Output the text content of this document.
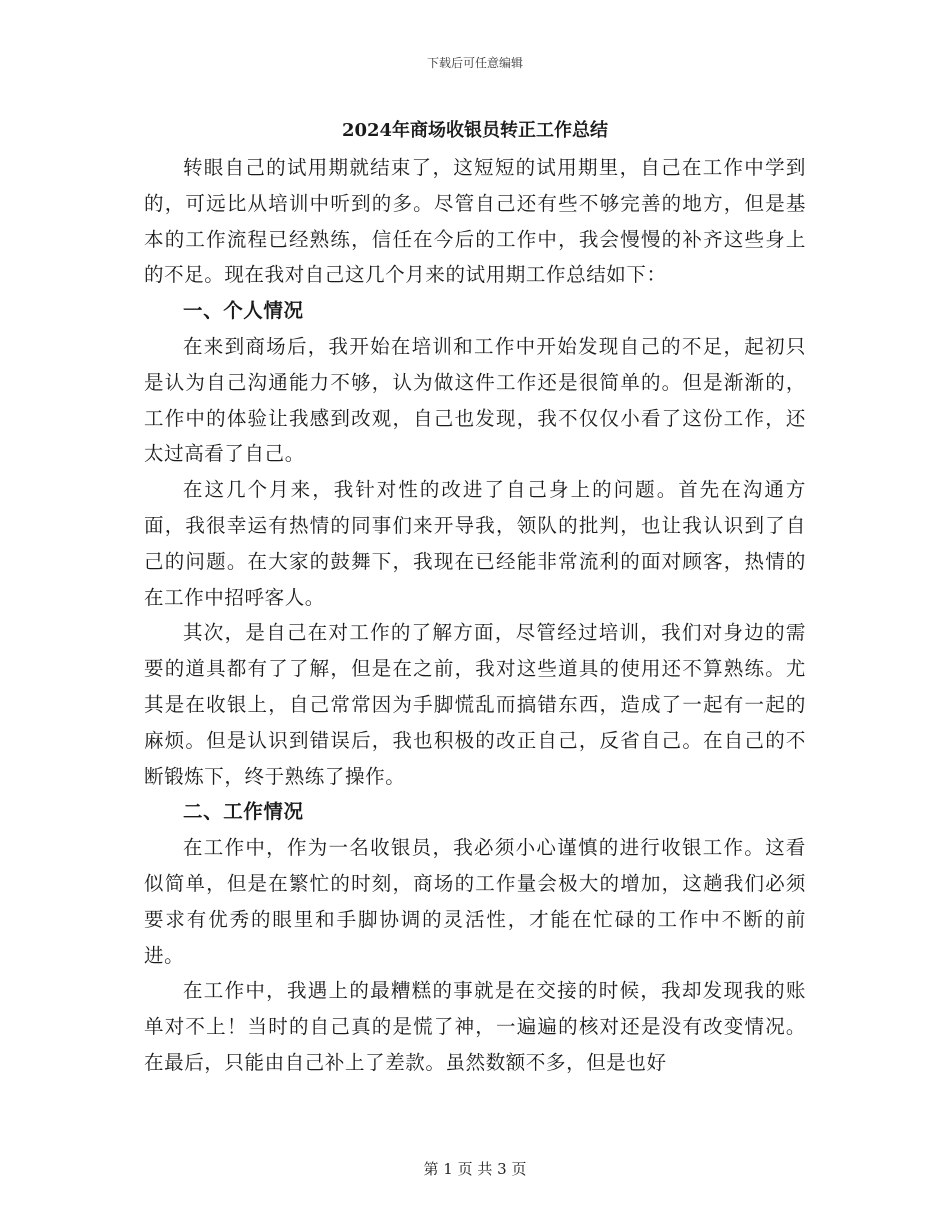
下载后可任意编辑
2024年商场收银员转正工作总结

转眼自己的试用期就结束了，这短短的试用期里，自己在工作中学到的，可远比从培训中听到的多。尽管自己还有些不够完善的地方，但是基本的工作流程已经熟练，信任在今后的工作中，我会慢慢的补齐这些身上的不足。现在我对自己这几个月来的试用期工作总结如下：

一、个人情况

在来到商场后，我开始在培训和工作中开始发现自己的不足，起初只是认为自己沟通能力不够，认为做这件工作还是很简单的。但是渐渐的，工作中的体验让我感到改观，自己也发现，我不仅仅小看了这份工作，还太过高看了自己。

在这几个月来，我针对性的改进了自己身上的问题。首先在沟通方面，我很幸运有热情的同事们来开导我，领队的批判，也让我认识到了自己的问题。在大家的鼓舞下，我现在已经能非常流利的面对顾客，热情的在工作中招呼客人。

其次，是自己在对工作的了解方面，尽管经过培训，我们对身边的需要的道具都有了了解，但是在之前，我对这些道具的使用还不算熟练。尤其是在收银上，自己常常因为手脚慌乱而搞错东西，造成了一起有一起的麻烦。但是认识到错误后，我也积极的改正自己，反省自己。在自己的不断锻炼下，终于熟练了操作。

二、工作情况

在工作中，作为一名收银员，我必须小心谨慎的进行收银工作。这看似简单，但是在繁忙的时刻，商场的工作量会极大的增加，这趟我们必须要求有优秀的眼里和手脚协调的灵活性，才能在忙碌的工作中不断的前进。

在工作中，我遇上的最糟糕的事就是在交接的时候，我却发现我的账单对不上！当时的自己真的是慌了神，一遍遍的核对还是没有改变情况。在最后，只能由自己补上了差款。虽然数额不多，但是也好

第 1 页 共 3 页
